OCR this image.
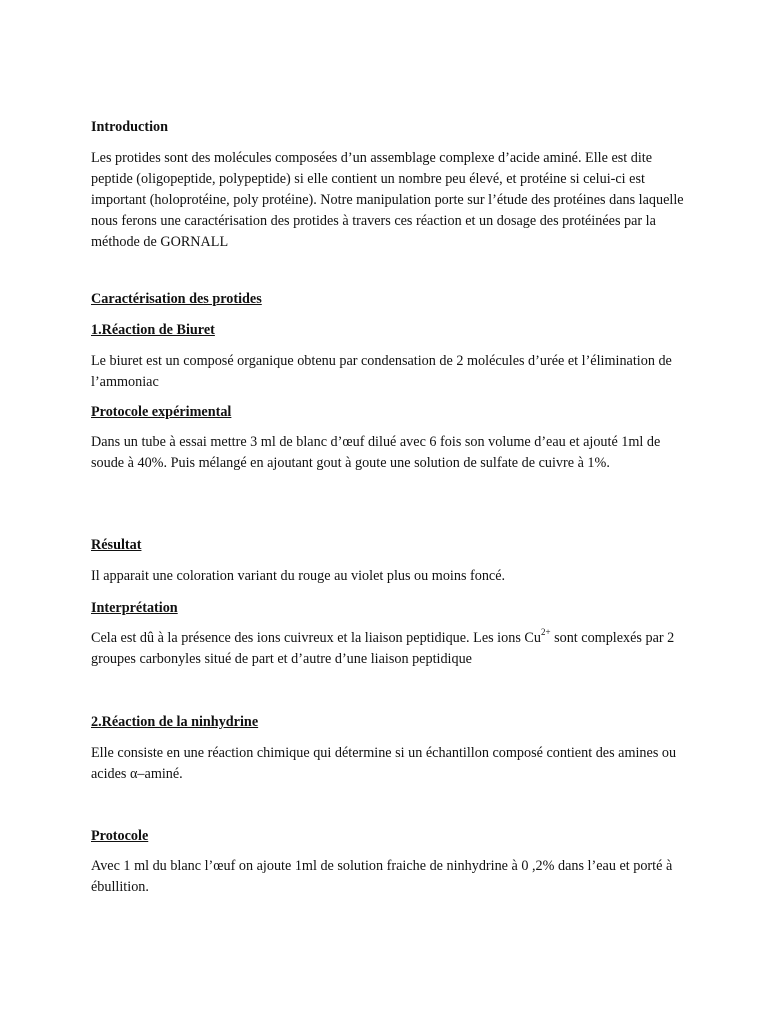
Introduction

Les protides sont des molécules composées d’un assemblage complexe d’acide aminé. Elle est dite peptide (oligopeptide, polypeptide) si elle contient un nombre peu élevé, et protéine si celui-ci est important (holoprotéine, poly protéine). Notre manipulation porte sur l’étude des protéines dans laquelle nous ferons une caractérisation des protides à travers ces réaction et un dosage des protéinées par la méthode de GORNALL

Caractérisation des protides

1.Réaction de Biuret

Le biuret est un composé organique obtenu par condensation de 2 molécules d’urée et l’élimination de l’ammoniac

Protocole expérimental

Dans un tube à essai mettre 3 ml de blanc d’œuf dilué avec 6 fois son volume d’eau et ajouté 1ml de soude à 40%. Puis mélangé en ajoutant gout à goute une solution de sulfate de cuivre à 1%.

Résultat

Il apparait une coloration variant du rouge au violet plus ou moins foncé.

Interprétation

Cela est dû à la présence des ions cuivreux et la liaison peptidique. Les ions $Cu^{2+}$ sont complexés par 2 groupes carbonyles situé de part et d’autre d’une liaison peptidique

2.Réaction de la ninhydrine

Elle consiste en une réaction chimique qui détermine si un échantillon composé contient des amines ou acides α–aminé.

Protocole

Avec 1 ml du blanc l’œuf on ajoute 1ml de solution fraiche de ninhydrine à 0 ,2% dans l’eau et porté à ébullition.
